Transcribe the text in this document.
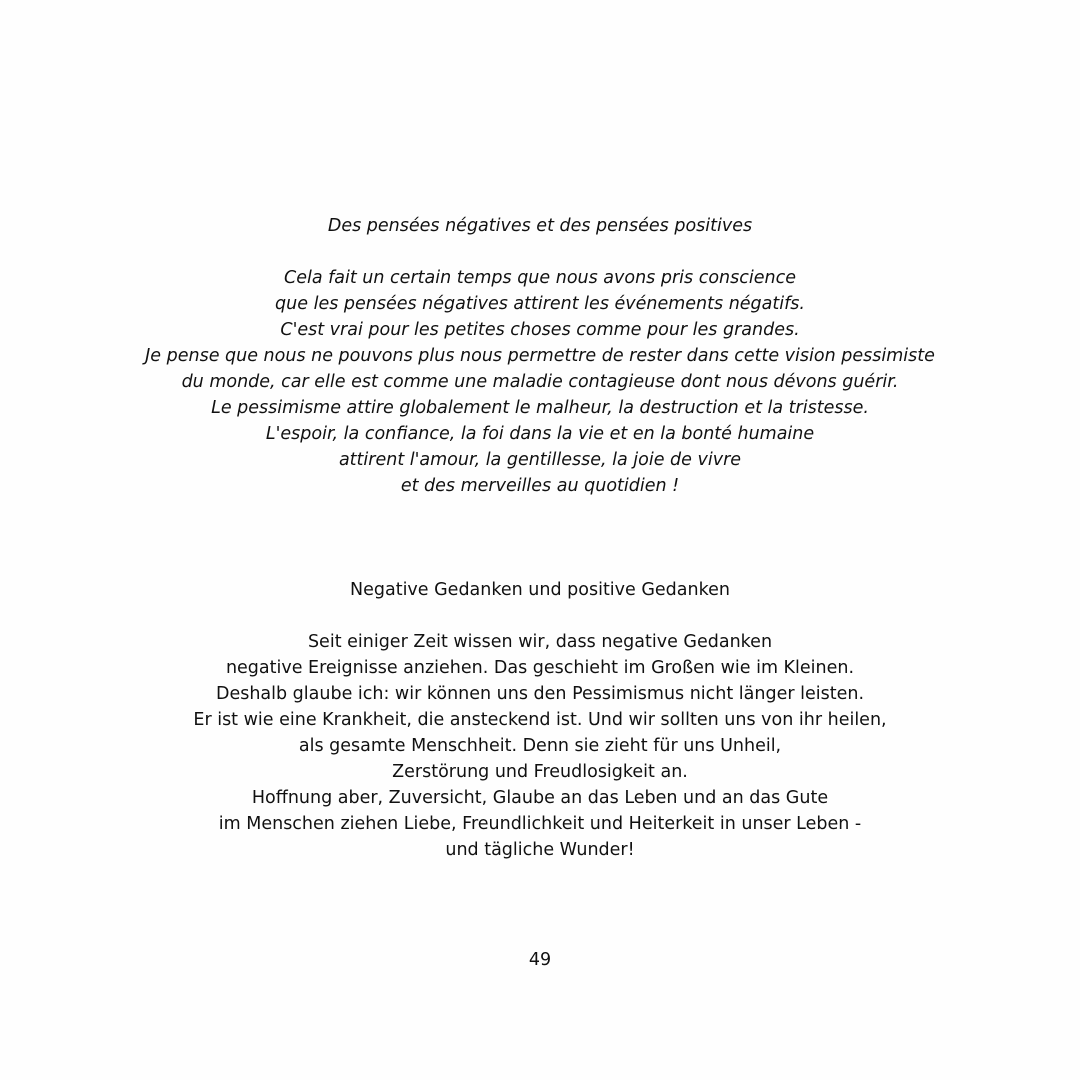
Des pensées négatives et des pensées positives
Cela fait un certain temps que nous avons pris conscience
que les pensées négatives attirent les événements négatifs.
C'est vrai pour les petites choses comme pour les grandes.
Je pense que nous ne pouvons plus nous permettre de rester dans cette vision pessimiste
du monde, car elle est comme une maladie contagieuse dont nous dévons guérir.
Le pessimisme attire globalement le malheur, la destruction et la tristesse.
L'espoir, la confiance, la foi dans la vie et en la bonté humaine
attirent l'amour, la gentillesse, la joie de vivre
et des merveilles au quotidien !
Negative Gedanken und positive Gedanken
Seit einiger Zeit wissen wir, dass negative Gedanken
negative Ereignisse anziehen. Das geschieht im Großen wie im Kleinen.
Deshalb glaube ich: wir können uns den Pessimismus nicht länger leisten.
Er ist wie eine Krankheit, die ansteckend ist. Und wir sollten uns von ihr heilen,
als gesamte Menschheit. Denn sie zieht für uns Unheil,
Zerstörung und Freudlosigkeit an.
Hoffnung aber, Zuversicht, Glaube an das Leben und an das Gute
im Menschen ziehen Liebe, Freundlichkeit und Heiterkeit in unser Leben -
und tägliche Wunder!
49
